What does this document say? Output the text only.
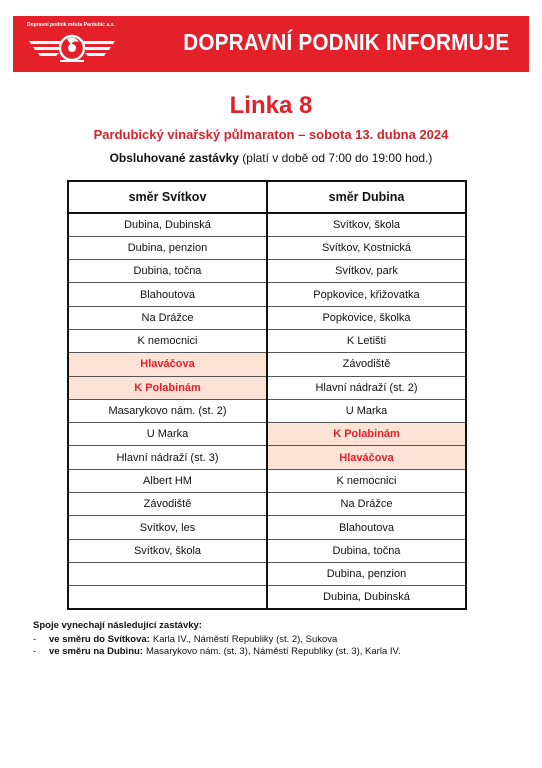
Dopravní podnik města Pardubic a.s.
DOPRAVNÍ PODNIK INFORMUJE
Linka 8
Pardubický vinařský půlmaraton – sobota 13. dubna 2024
Obsluhované zastávky (platí v době od 7:00 do 19:00 hod.)
směr Svítkov	směr Dubina
Dubina, Dubinská	Svítkov, škola
Dubina, penzion	Svítkov, Kostnická
Dubina, točna	Svítkov, park
Blahoutova	Popkovice, křižovatka
Na Drážce	Popkovice, školka
K nemocnici	K Letišti
Hlaváčova	Závodiště
K Polabinám	Hlavní nádraží (st. 2)
Masarykovo nám. (st. 2)	U Marka
U Marka	K Polabinám
Hlavní nádraží (st. 3)	Hlaváčova
Albert HM	K nemocnici
Závodiště	Na Drážce
Svítkov, les	Blahoutova
Svítkov, škola	Dubina, točna
	Dubina, penzion
	Dubina, Dubinská
Spoje vynechají následující zastávky:
-	ve směru do Svítkova: Karla IV., Náměstí Republiky (st. 2), Sukova
-	ve směru na Dubinu: Masarykovo nám. (st. 3), Náměstí Republiky (st. 3), Karla IV.
